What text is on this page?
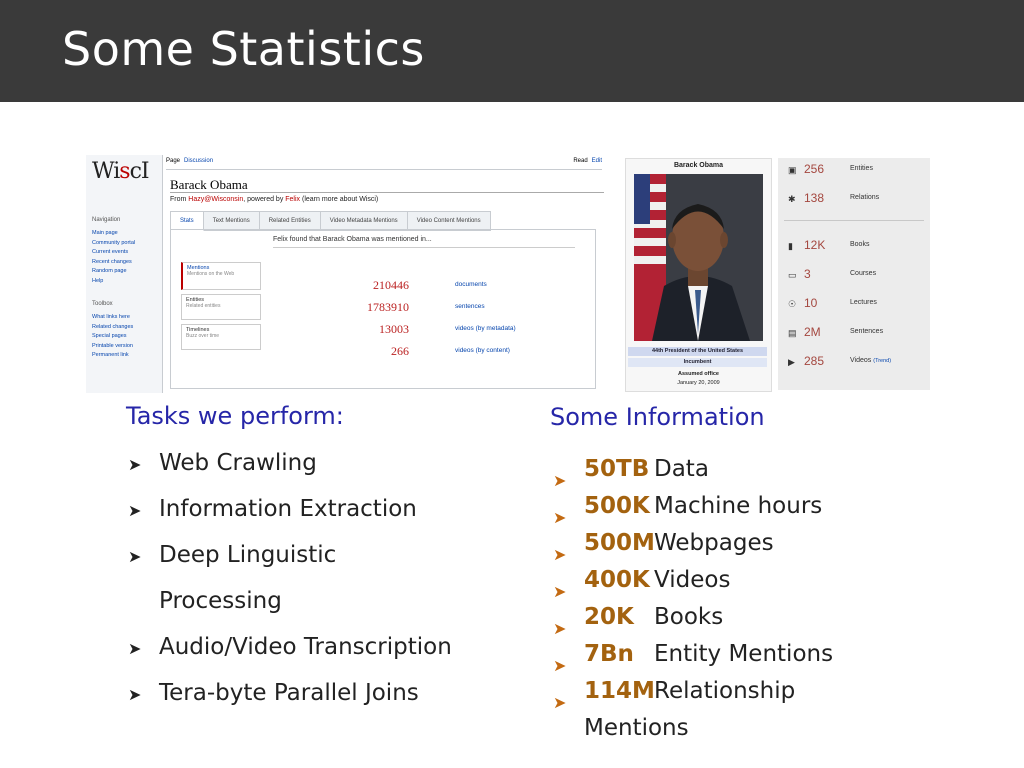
Some Statistics
WiscI
Navigation
Main page
Community portal
Current events
Recent changes
Random page
Help
Toolbox
What links here
Related changes
Special pages
Printable version
Permanent link
Page Discussion	Read Edit
Barack Obama
From Hazy@Wisconsin, powered by Felix (learn more about Wisci)
Stats	Text Mentions	Related Entities	Video Metadata Mentions	Video Content Mentions
Felix found that Barack Obama was mentioned in...
Mentions
Mentions on the Web
Entities
Related entities
Timelines
Buzz over time
210446	documents
1783910	sentences
13003	videos (by metadata)
266	videos (by content)
Barack Obama
44th President of the United States
Incumbent
Assumed office
January 20, 2009
▣ 256	Entities
✱ 138	Relations
▮ 12K	Books
▭ 3	Courses
☉ 10	Lectures
▤ 2M	Sentences
▶ 285	Videos (Trend)
Tasks we perform:
➤ Web Crawling
➤ Information Extraction
➤ Deep Linguistic
Processing
➤ Audio/Video Transcription
➤ Tera-byte Parallel Joins
Some Information
➤ 50TB Data
➤ 500K Machine hours
➤ 500MWebpages
➤ 400K Videos
➤ 20K Books
➤ 7Bn Entity Mentions
➤ 114MRelationship
Mentions
